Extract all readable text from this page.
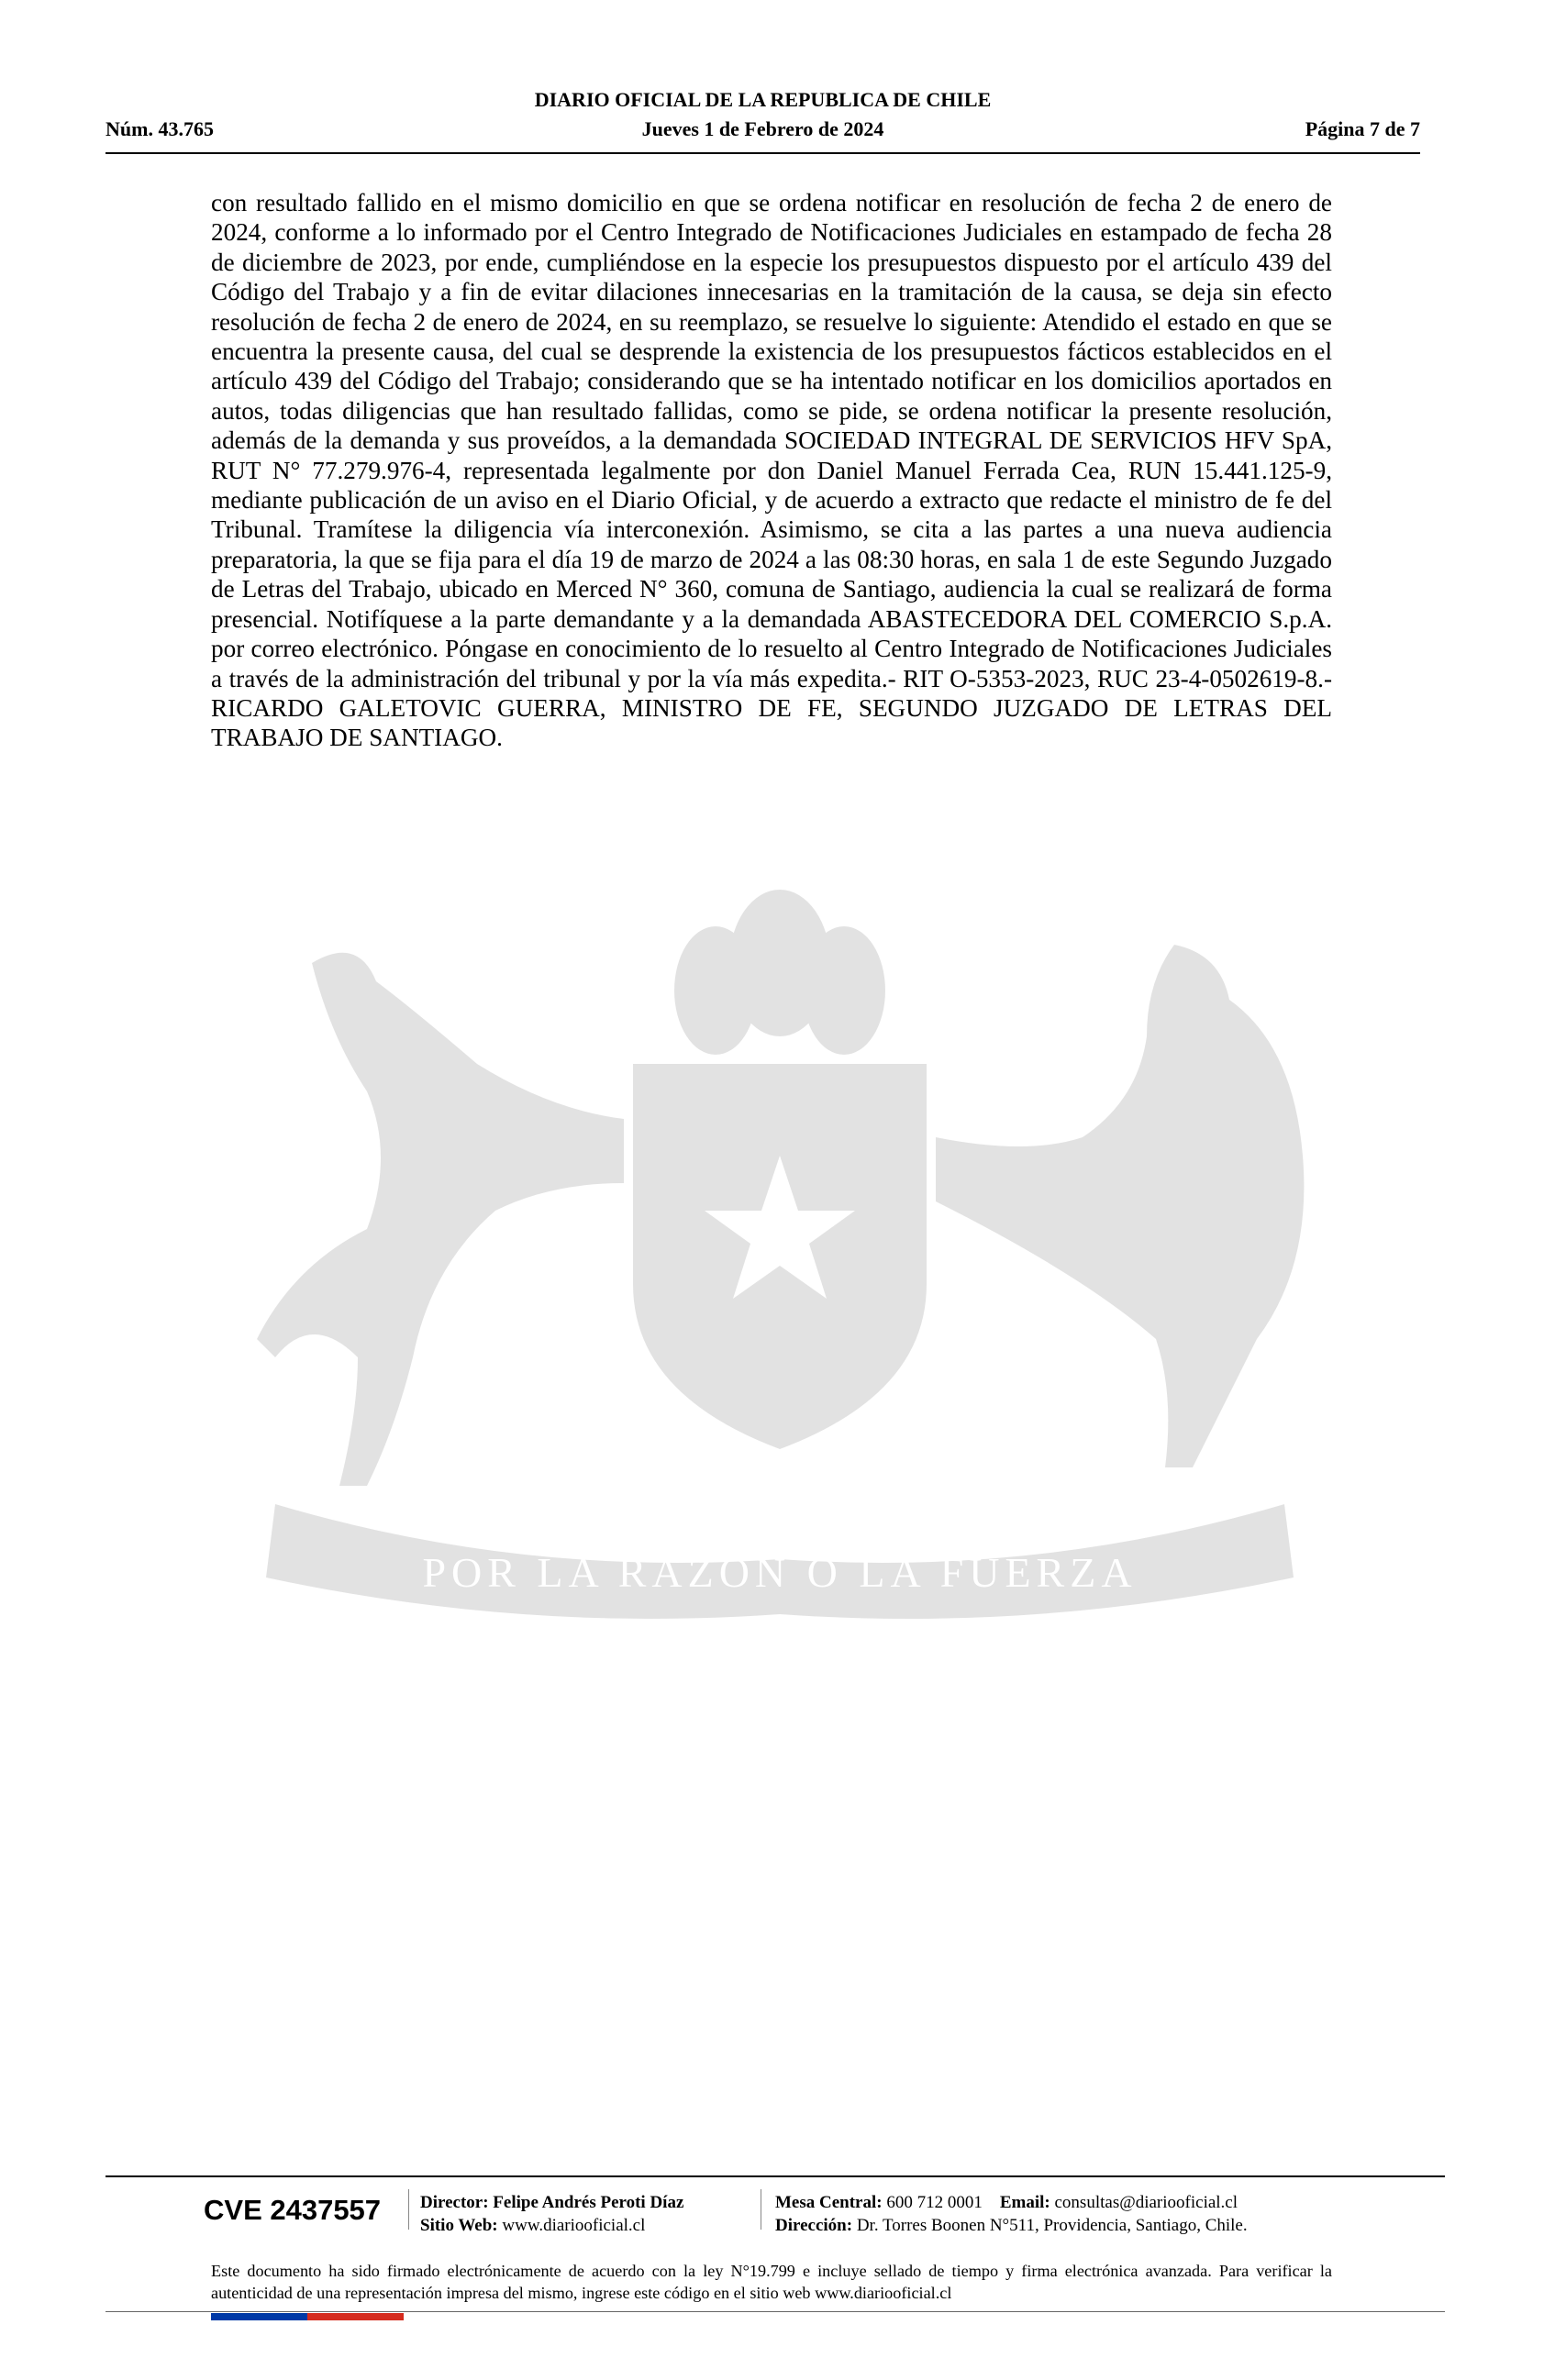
DIARIO OFICIAL DE LA REPUBLICA DE CHILE
Núm. 43.765	Jueves 1 de Febrero de 2024	Página 7 de 7
POR LA RAZON O LA FUERZA
con resultado fallido en el mismo domicilio en que se ordena notificar en resolución de fecha 2 de enero de 2024, conforme a lo informado por el Centro Integrado de Notificaciones Judiciales en estampado de fecha 28 de diciembre de 2023, por ende, cumpliéndose en la especie los presupuestos dispuesto por el artículo 439 del Código del Trabajo y a fin de evitar dilaciones innecesarias en la tramitación de la causa, se deja sin efecto resolución de fecha 2 de enero de 2024, en su reemplazo, se resuelve lo siguiente: Atendido el estado en que se encuentra la presente causa, del cual se desprende la existencia de los presupuestos fácticos establecidos en el artículo 439 del Código del Trabajo; considerando que se ha intentado notificar en los domicilios aportados en autos, todas diligencias que han resultado fallidas, como se pide, se ordena notificar la presente resolución, además de la demanda y sus proveídos, a la demandada SOCIEDAD INTEGRAL DE SERVICIOS HFV SpA, RUT N° 77.279.976-4, representada legalmente por don Daniel Manuel Ferrada Cea, RUN 15.441.125-9, mediante publicación de un aviso en el Diario Oficial, y de acuerdo a extracto que redacte el ministro de fe del Tribunal. Tramítese la diligencia vía interconexión. Asimismo, se cita a las partes a una nueva audiencia preparatoria, la que se fija para el día 19 de marzo de 2024 a las 08:30 horas, en sala 1 de este Segundo Juzgado de Letras del Trabajo, ubicado en Merced N° 360, comuna de Santiago, audiencia la cual se realizará de forma presencial. Notifíquese a la parte demandante y a la demandada ABASTECEDORA DEL COMERCIO S.p.A. por correo electrónico. Póngase en conocimiento de lo resuelto al Centro Integrado de Notificaciones Judiciales a través de la administración del tribunal y por la vía más expedita.- RIT O-5353-2023, RUC 23-4-0502619-8.- RICARDO GALETOVIC GUERRA, MINISTRO DE FE, SEGUNDO JUZGADO DE LETRAS DEL TRABAJO DE SANTIAGO.
CVE 2437557 Director: Felipe Andrés Peroti Díaz
Sitio Web: www.diariooficial.cl
Mesa Central: 600 712 0001 Email: consultas@diariooficial.cl
Dirección: Dr. Torres Boonen N°511, Providencia, Santiago, Chile.
Este documento ha sido firmado electrónicamente de acuerdo con la ley N°19.799 e incluye sellado de tiempo y firma electrónica avanzada. Para verificar la autenticidad de una representación impresa del mismo, ingrese este código en el sitio web www.diariooficial.cl
